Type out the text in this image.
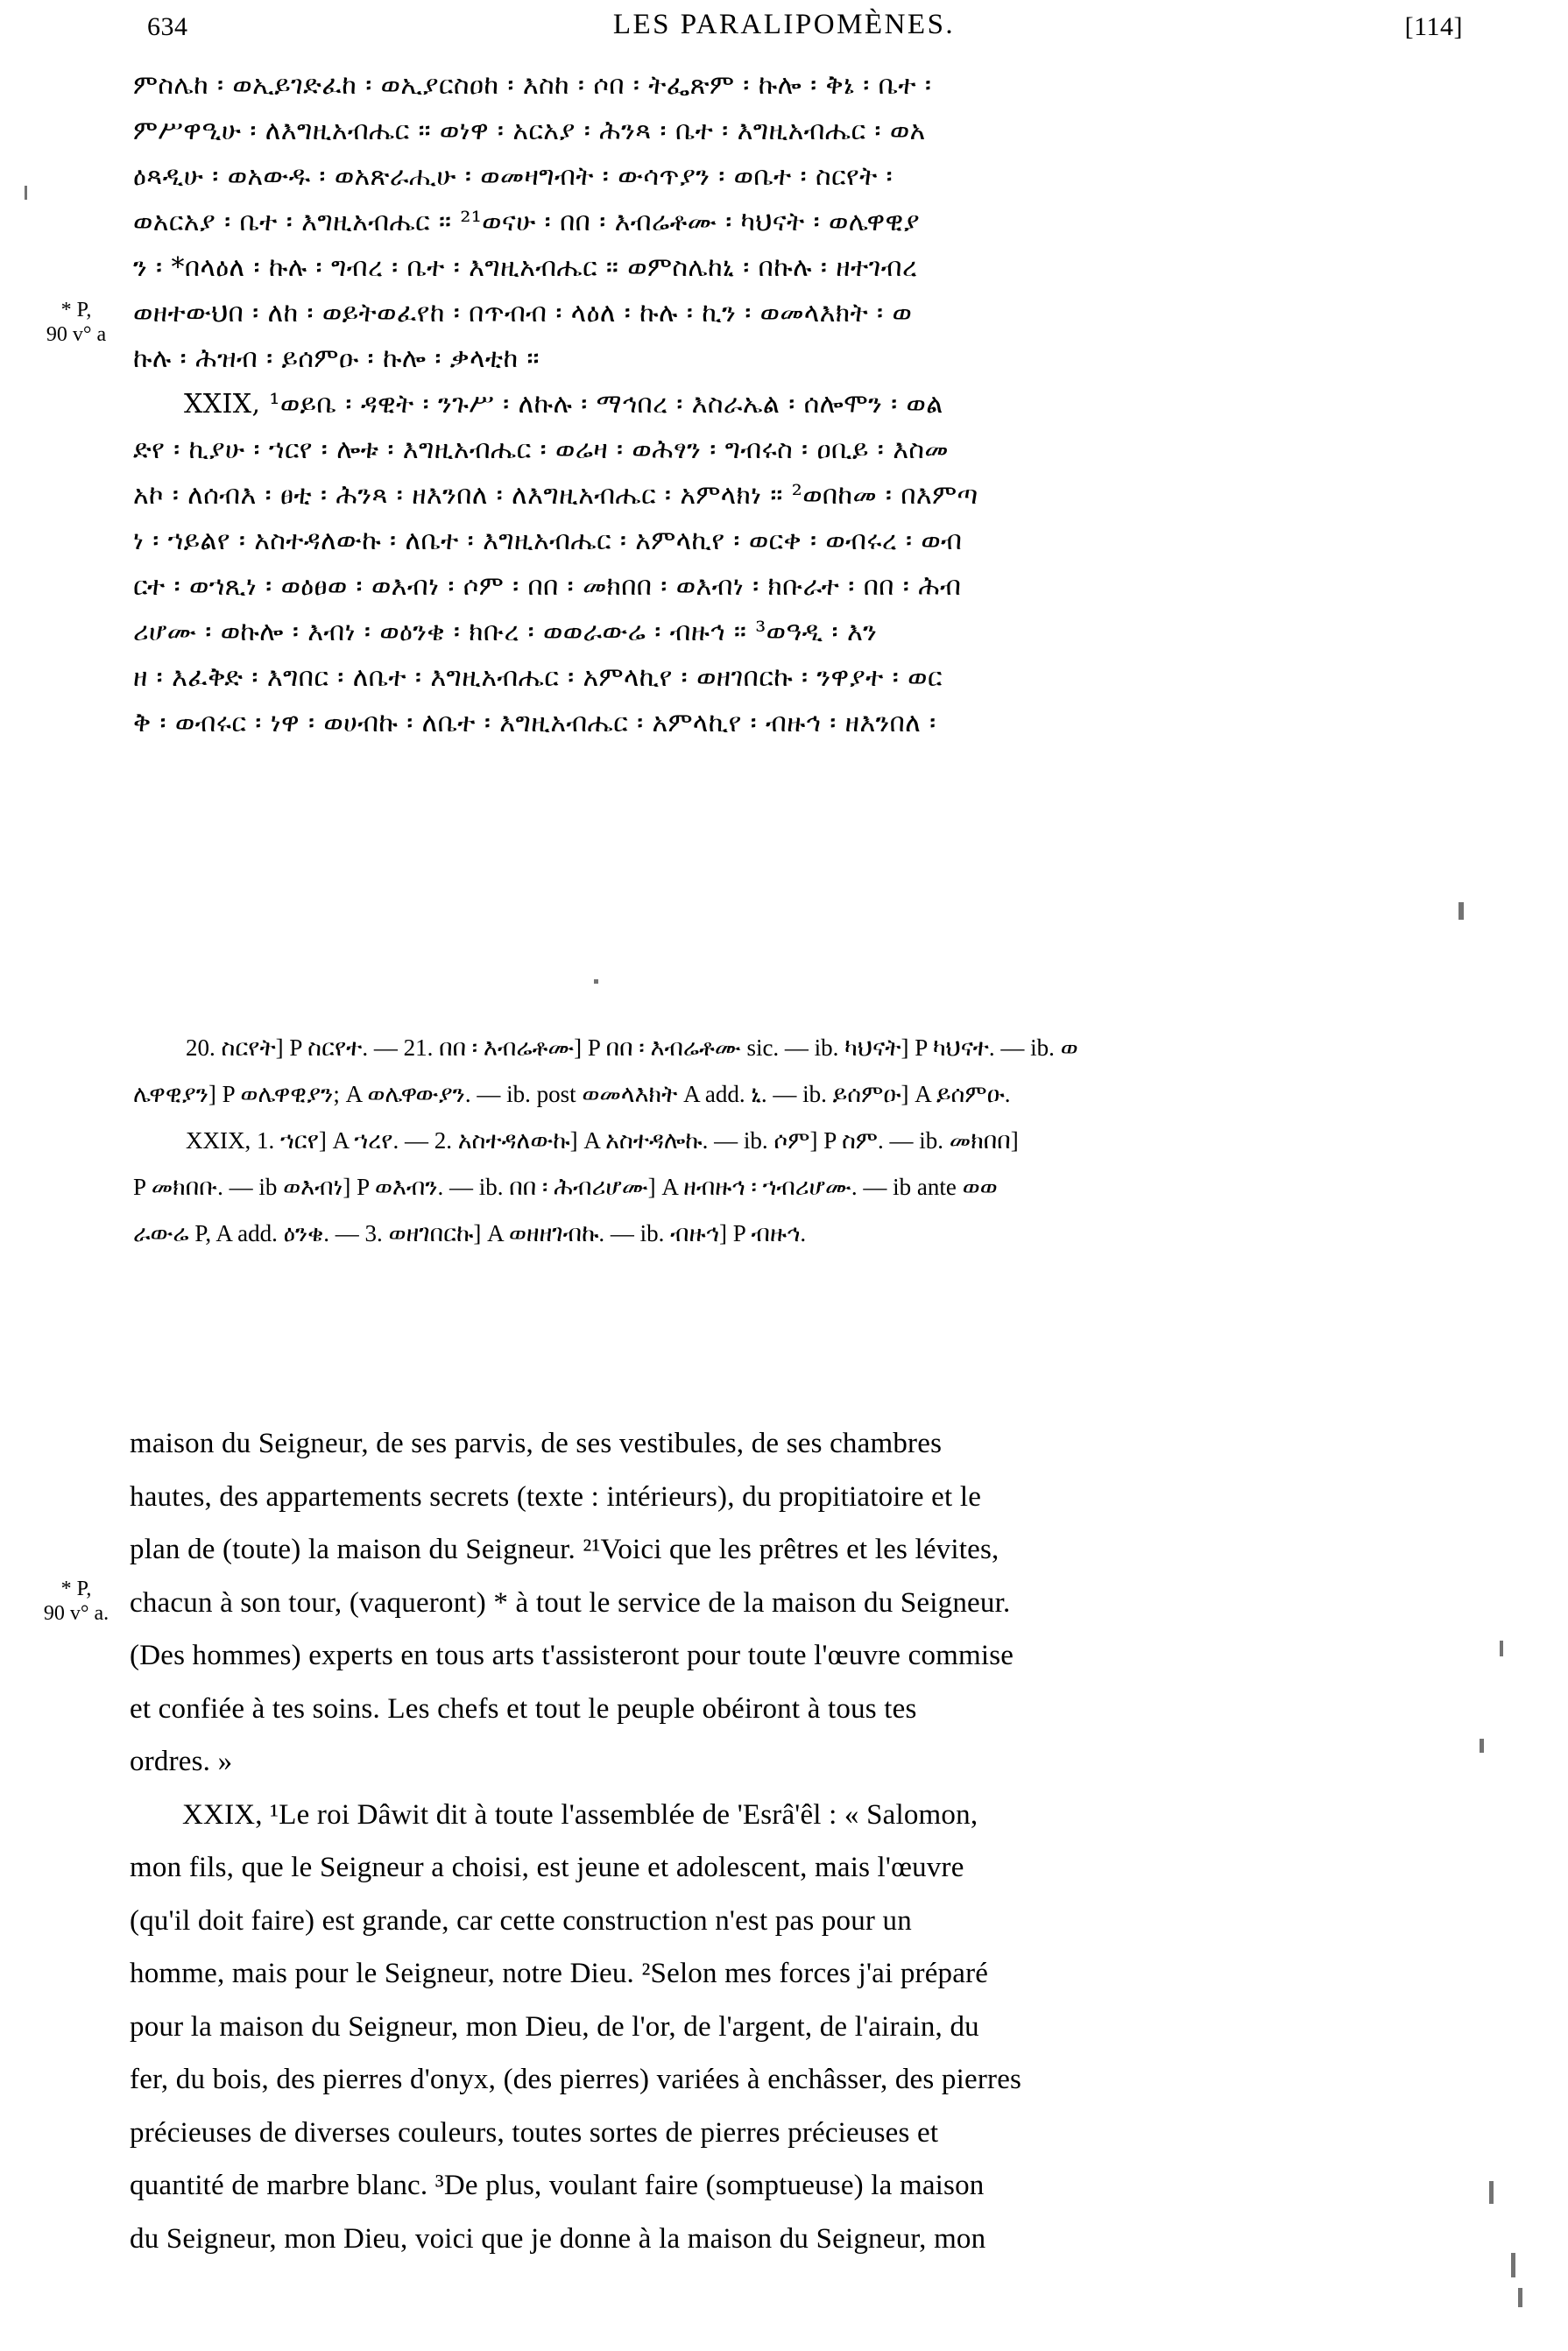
634	LES PARALIPOMÈNES.	[114]
* P,
90 v° a
ምስሌከ ፡ ወኢይገድፈከ ፡ ወኢያርስዐከ ፡ እስከ ፡ ሶበ ፡ ትፌጽም ፡ ኩሎ ፡ ቅኔ ፡ ቤተ ፡
ምሥዋዒሁ ፡ ለእግዚአብሔር ። ወነዋ ፡ አርአያ ፡ ሕንጻ ፡ ቤተ ፡ እግዚአብሔር ፡ ወአ
ዕጻዲሁ ፡ ወአውዱ ፡ ወአጽራሒሁ ፡ ወመዛግብት ፡ ውሳጥያን ፡ ወቤተ ፡ ስርየት ፡
ወአርአያ ፡ ቤተ ፡ እግዚአብሔር ። ²¹ወናሁ ፡ በበ ፡ እብሬቶሙ ፡ ካህናት ፡ ወሌዋዊያ
ን ፡ *በላዕለ ፡ ኩሉ ፡ ግብረ ፡ ቤተ ፡ እግዚአብሔር ። ወምስሌከኒ ፡ በኩሉ ፡ ዘተገብረ
ወዘተውህበ ፡ ለከ ፡ ወይትወፈየከ ፡ በጥብብ ፡ ላዕለ ፡ ኩሉ ፡ ኪን ፡ ወመላእክት ፡ ወ
ኩሉ ፡ ሕዝብ ፡ ይሰምዑ ፡ ኩሎ ፡ ቃላቲከ ።
XXIX, ¹ወይቤ ፡ ዳዊት ፡ ንጉሥ ፡ ለኩሉ ፡ ማኅበረ ፡ እስራኤል ፡ ሰሎሞን ፡ ወል
ድየ ፡ ኪያሁ ፡ ኀርየ ፡ ሎቱ ፡ እግዚአብሔር ፡ ወሬዛ ፡ ወሕፃን ፡ ግብሩስ ፡ ዐቢይ ፡ እስመ
አኮ ፡ ለሰብእ ፡ ፀቲ ፡ ሕንጻ ፡ ዘእንበለ ፡ ለእግዚአብሔር ፡ አምላክነ ። ²ወበከመ ፡ በእምጣ
ነ ፡ ኀይልየ ፡ አስተዳለውኩ ፡ ለቤተ ፡ እግዚአብሔር ፡ አምላኪየ ፡ ወርቀ ፡ ወብሩረ ፡ ወብ
ርተ ፡ ወኀጺነ ፡ ወዕፀወ ፡ ወእብነ ፡ ሶም ፡ በበ ፡ መክበበ ፡ ወእብነ ፡ ክቡራተ ፡ በበ ፡ ሕብ
ሪሆሙ ፡ ወኩሎ ፡ እብነ ፡ ወዕንቄ ፡ ክቡረ ፡ ወወራውሬ ፡ ብዙኅ ። ³ወዓዲ ፡ እን
ዘ ፡ እፈቅድ ፡ እግበር ፡ ለቤተ ፡ እግዚአብሔር ፡ አምላኪየ ፡ ወዘገበርኩ ፡ ንዋያተ ፡ ወር
ቅ ፡ ወብሩር ፡ ነዋ ፡ ወሀብኩ ፡ ለቤተ ፡ እግዚአብሔር ፡ አምላኪየ ፡ ብዙኅ ፡ ዘእንበለ ፡
20. ስርየት] P ስርየተ. — 21. በበ ፡ እብሬቶሙ] P በበ ፡ እብሬቶሙ sic. — ib. ካህናት] P ካህናተ. — ib. ወ
ሌዋዊያን] P ወሌዋዊያን; A ወሌዋውያን. — ib. post ወመላእክት A add. ኒ. — ib. ይሰምዑ] A ይሰምዑ.
XXIX, 1. ኀርየ] A ኀረየ. — 2. አስተዳለውኩ] A አስተዳሎኩ. — ib. ሶም] P ስም. — ib. መክበበ]
P መክበቡ. — ib ወእብነ] P ወእብን. — ib. በበ ፡ ሕብሪሆሙ] A ዘብዙኅ ፡ ኀብሪሆሙ. — ib ante ወወ
ራውሬ P, A add. ዕንቄ. — 3. ወዘገበርኩ] A ወዘዘገብኩ. — ib. ብዙኅ] P ብዙኅ.
* P,
90 v° a.
maison du Seigneur, de ses parvis, de ses vestibules, de ses chambres
hautes, des appartements secrets (texte : intérieurs), du propitiatoire et le
plan de (toute) la maison du Seigneur. ²¹Voici que les prêtres et les lévites,
chacun à son tour, (vaqueront) * à tout le service de la maison du Seigneur.
(Des hommes) experts en tous arts t'assisteront pour toute l'œuvre commise
et confiée à tes soins. Les chefs et tout le peuple obéiront à tous tes
ordres. »
XXIX, ¹Le roi Dâwit dit à toute l'assemblée de 'Esrâ'êl : « Salomon,
mon fils, que le Seigneur a choisi, est jeune et adolescent, mais l'œuvre
(qu'il doit faire) est grande, car cette construction n'est pas pour un
homme, mais pour le Seigneur, notre Dieu. ²Selon mes forces j'ai préparé
pour la maison du Seigneur, mon Dieu, de l'or, de l'argent, de l'airain, du
fer, du bois, des pierres d'onyx, (des pierres) variées à enchâsser, des pierres
précieuses de diverses couleurs, toutes sortes de pierres précieuses et
quantité de marbre blanc. ³De plus, voulant faire (somptueuse) la maison
du Seigneur, mon Dieu, voici que je donne à la maison du Seigneur, mon
